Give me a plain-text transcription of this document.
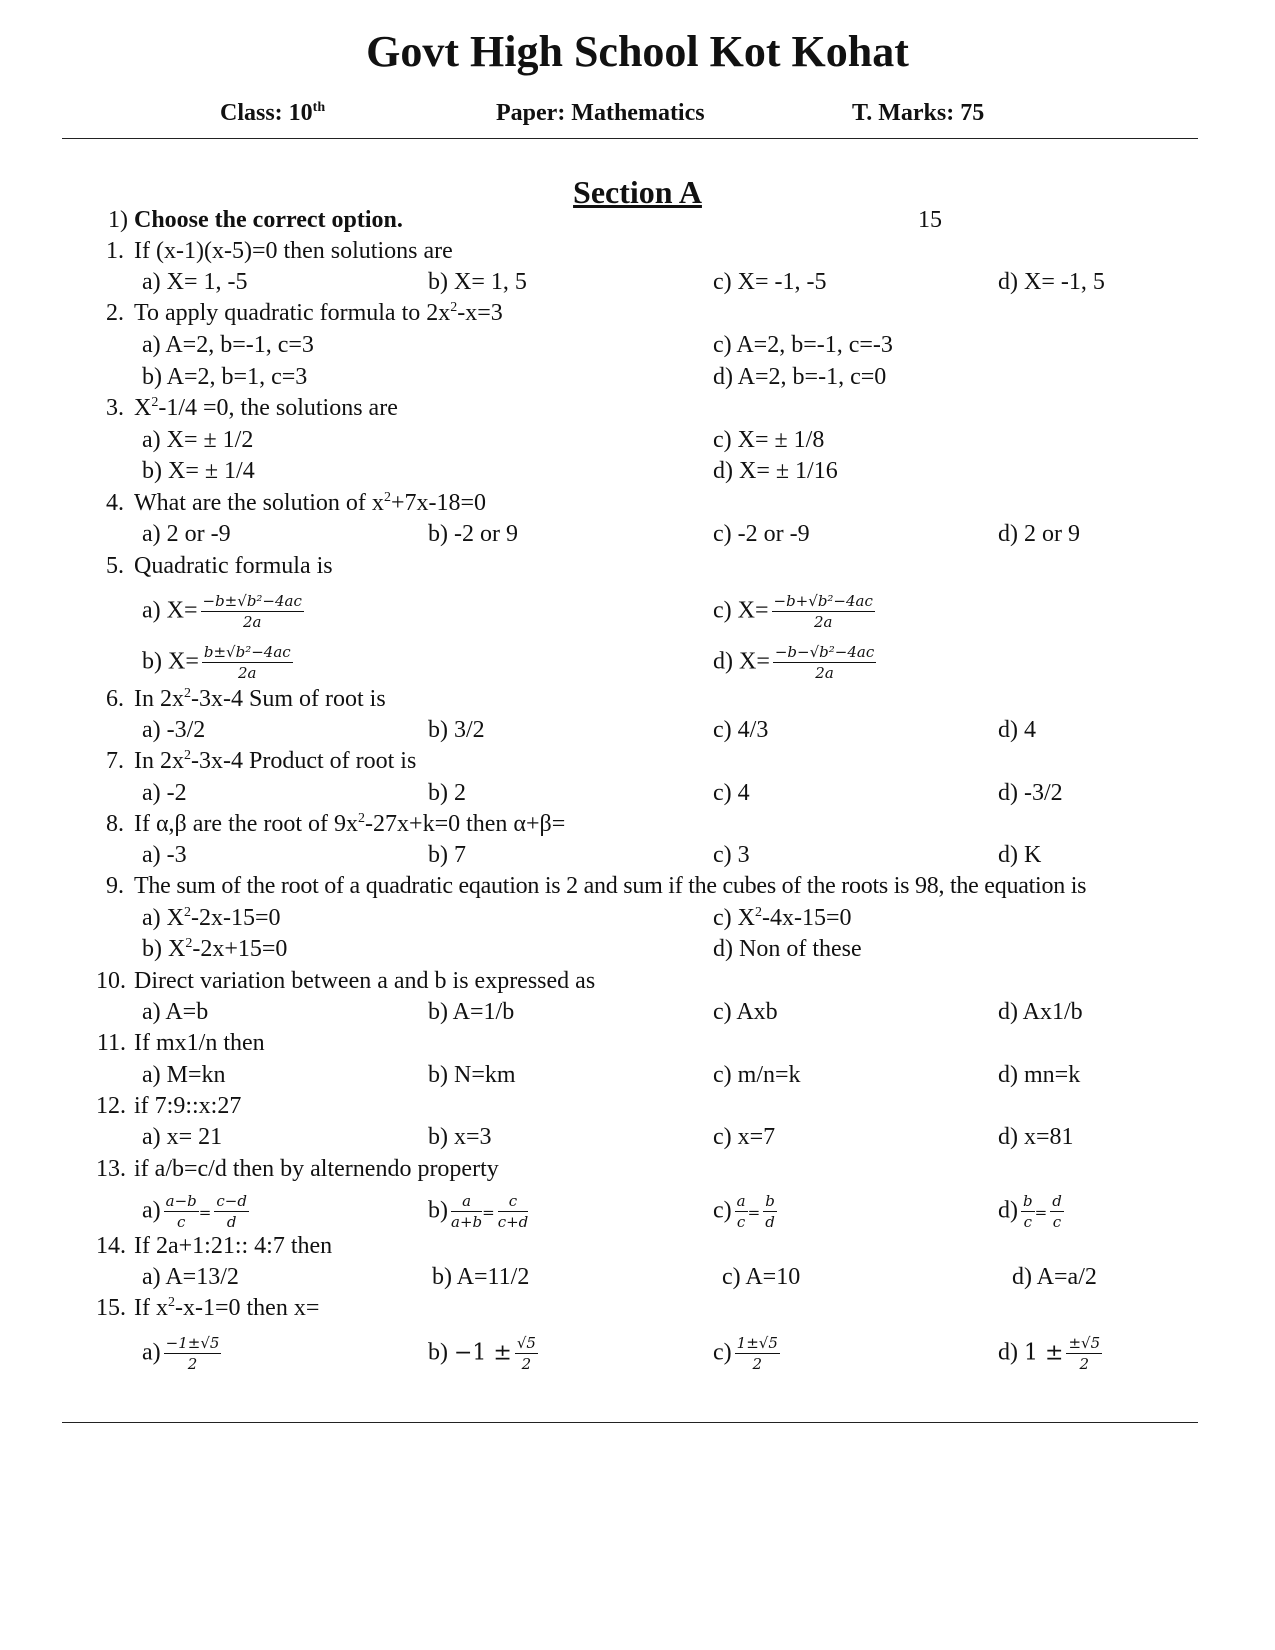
Govt High School Kot Kohat
Class: 10th	Paper: Mathematics	T. Marks: 75
Section A
1) Choose the correct option.	15
1. If (x-1)(x-5)=0 then solutions are
a) X= 1, -5	b) X= 1, 5	c) X= -1, -5	d) X= -1, 5
2. To apply quadratic formula to $2x^2-x=3$
a) A=2, b=-1, c=3	c) A=2, b=-1, c=-3
b) A=2, b=1, c=3	d) A=2, b=-1, c=0
3. $X^2-1/4 =0$, the solutions are
a) X= ± 1/2	c) X= ± 1/8
b) X= ± 1/4	d) X= ± 1/16
4. What are the solution of $x^2+7x-18=0$
a) 2 or -9	b) -2 or 9	c) -2 or -9	d) 2 or 9
5. Quadratic formula is
a) $X= \frac{\text{−b±√b²−4ac}}{2a}$	c) $X= \frac{\text{−b+√b²−4ac}}{2a}$
b) $X= \frac{\text{b±√b²−4ac}}{2a}$	d) $X= \frac{\text{−b−√b²−4ac}}{2a}$
6. In $2x^2-3x-4$ Sum of root is
a) -3/2	b) 3/2	c) 4/3	d) 4
7. In $2x^2-3x-4$ Product of root is
a) -2	b) 2	c) 4	d) -3/2
8. If α,β are the root of $9x^2-27x+k=0$ then α+β=
a) -3	b) 7	c) 3	d) K
9. The sum of the root of a quadratic eqaution is 2 and sum if the cubes of the roots is 98, the equation is
a) $X^2-2x-15=0$	c) $X^2-4x-15=0$
b) $X^2-2x+15=0$	d) Non of these
10. Direct variation between a and b is expressed as
a) A=b	b) A=1/b	c) Axb	d) Ax1/b
11. If mx1/n then
a) M=kn	b) N=km	c) m/n=k	d) mn=k
12. if 7:9::x:27
a) x= 21	b) x=3	c) x=7	d) x=81
13. if a/b=c/d then by alternendo property
$a) \frac{a-b}{c} = \frac{c-d}{d}$	$b) \frac{a}{a+b} = \frac{c}{c+d}$	$c) \frac{a}{c} = \frac{b}{d}$	$d) \frac{b}{c} = \frac{d}{c}$
14. If 2a+1:21:: 4:7 then
a) A=13/2	b) A=11/2	c) A=10	d) A=a/2
15. If $x^2-x-1=0$ then x=
$a) \frac{-1\pm√5}{2}$	$b) -1 \pm \frac{√5}{2}$	$c) \frac{1\pm√5}{2}$	d) $1 \pm \frac{\pm√5}{2}$
